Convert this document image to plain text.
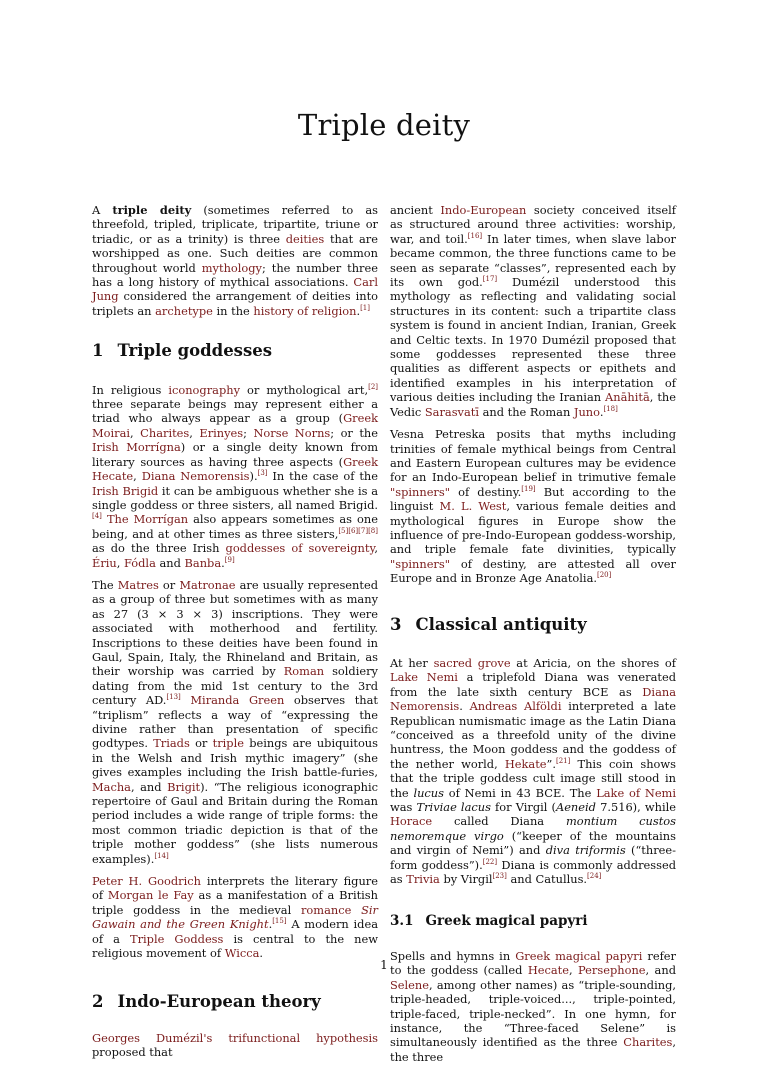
Triple deity

A triple deity (sometimes referred to as threefold, tripled, triplicate, tripartite, triune or triadic, or as a trinity) is three deities that are worshipped as one. Such deities are common throughout world mythology; the number three has a long history of mythical associations. Carl Jung considered the arrangement of deities into triplets an archetype in the history of religion.[1]

1 Triple goddesses

In religious iconography or mythological art,[2] three separate beings may represent either a triad who always appear as a group (Greek Moirai, Charites, Erinyes; Norse Norns; or the Irish Morrígna) or a single deity known from literary sources as having three aspects (Greek Hecate, Diana Nemorensis).[3] In the case of the Irish Brigid it can be ambiguous whether she is a single goddess or three sisters, all named Brigid.[4] The Morrígan also appears sometimes as one being, and at other times as three sisters,[5][6][7][8] as do the three Irish goddesses of sovereignty, Ériu, Fódla and Banba.[9]

The Matres or Matronae are usually represented as a group of three but sometimes with as many as 27 (3 × 3 × 3) inscriptions. They were associated with motherhood and fertility. Inscriptions to these deities have been found in Gaul, Spain, Italy, the Rhineland and Britain, as their worship was carried by Roman soldiery dating from the mid 1st century to the 3rd century AD.[13] Miranda Green observes that “triplism” reflects a way of “expressing the divine rather than presentation of specific godtypes. Triads or triple beings are ubiquitous in the Welsh and Irish mythic imagery” (she gives examples including the Irish battle-furies, Macha, and Brigit). “The religious iconographic repertoire of Gaul and Britain during the Roman period includes a wide range of triple forms: the most common triadic depiction is that of the triple mother goddess” (she lists numerous examples).[14]

Peter H. Goodrich interprets the literary figure of Morgan le Fay as a manifestation of a British triple goddess in the medieval romance Sir Gawain and the Green Knight.[15] A modern idea of a Triple Goddess is central to the new religious movement of Wicca.

2 Indo-European theory

Georges Dumézil's trifunctional hypothesis proposed that

ancient Indo-European society conceived itself as structured around three activities: worship, war, and toil.[16] In later times, when slave labor became common, the three functions came to be seen as separate “classes”, represented each by its own god.[17] Dumézil understood this mythology as reflecting and validating social structures in its content: such a tripartite class system is found in ancient Indian, Iranian, Greek and Celtic texts. In 1970 Dumézil proposed that some goddesses represented these three qualities as different aspects or epithets and identified examples in his interpretation of various deities including the Iranian Anāhitā, the Vedic Sarasvatī and the Roman Juno.[18]

Vesna Petreska posits that myths including trinities of female mythical beings from Central and Eastern European cultures may be evidence for an Indo-European belief in trimutive female "spinners" of destiny.[19] But according to the linguist M. L. West, various female deities and mythological figures in Europe show the influence of pre-Indo-European goddess-worship, and triple female fate divinities, typically "spinners" of destiny, are attested all over Europe and in Bronze Age Anatolia.[20]

3 Classical antiquity

At her sacred grove at Aricia, on the shores of Lake Nemi a triplefold Diana was venerated from the late sixth century BCE as Diana Nemorensis. Andreas Alföldi interpreted a late Republican numismatic image as the Latin Diana “conceived as a threefold unity of the divine huntress, the Moon goddess and the goddess of the nether world, Hekate”.[21] This coin shows that the triple goddess cult image still stood in the lucus of Nemi in 43 BCE. The Lake of Nemi was Triviae lacus for Virgil (Aeneid 7.516), while Horace called Diana montium custos nemoremque virgo (“keeper of the mountains and virgin of Nemi”) and diva triformis (“three-form goddess”).[22] Diana is commonly addressed as Trivia by Virgil[23] and Catullus.[24]

3.1 Greek magical papyri

Spells and hymns in Greek magical papyri refer to the goddess (called Hecate, Persephone, and Selene, among other names) as “triple-sounding, triple-headed, triple-voiced..., triple-pointed, triple-faced, triple-necked”. In one hymn, for instance, the “Three-faced Selene” is simultaneously identified as the three Charites, the three

1
